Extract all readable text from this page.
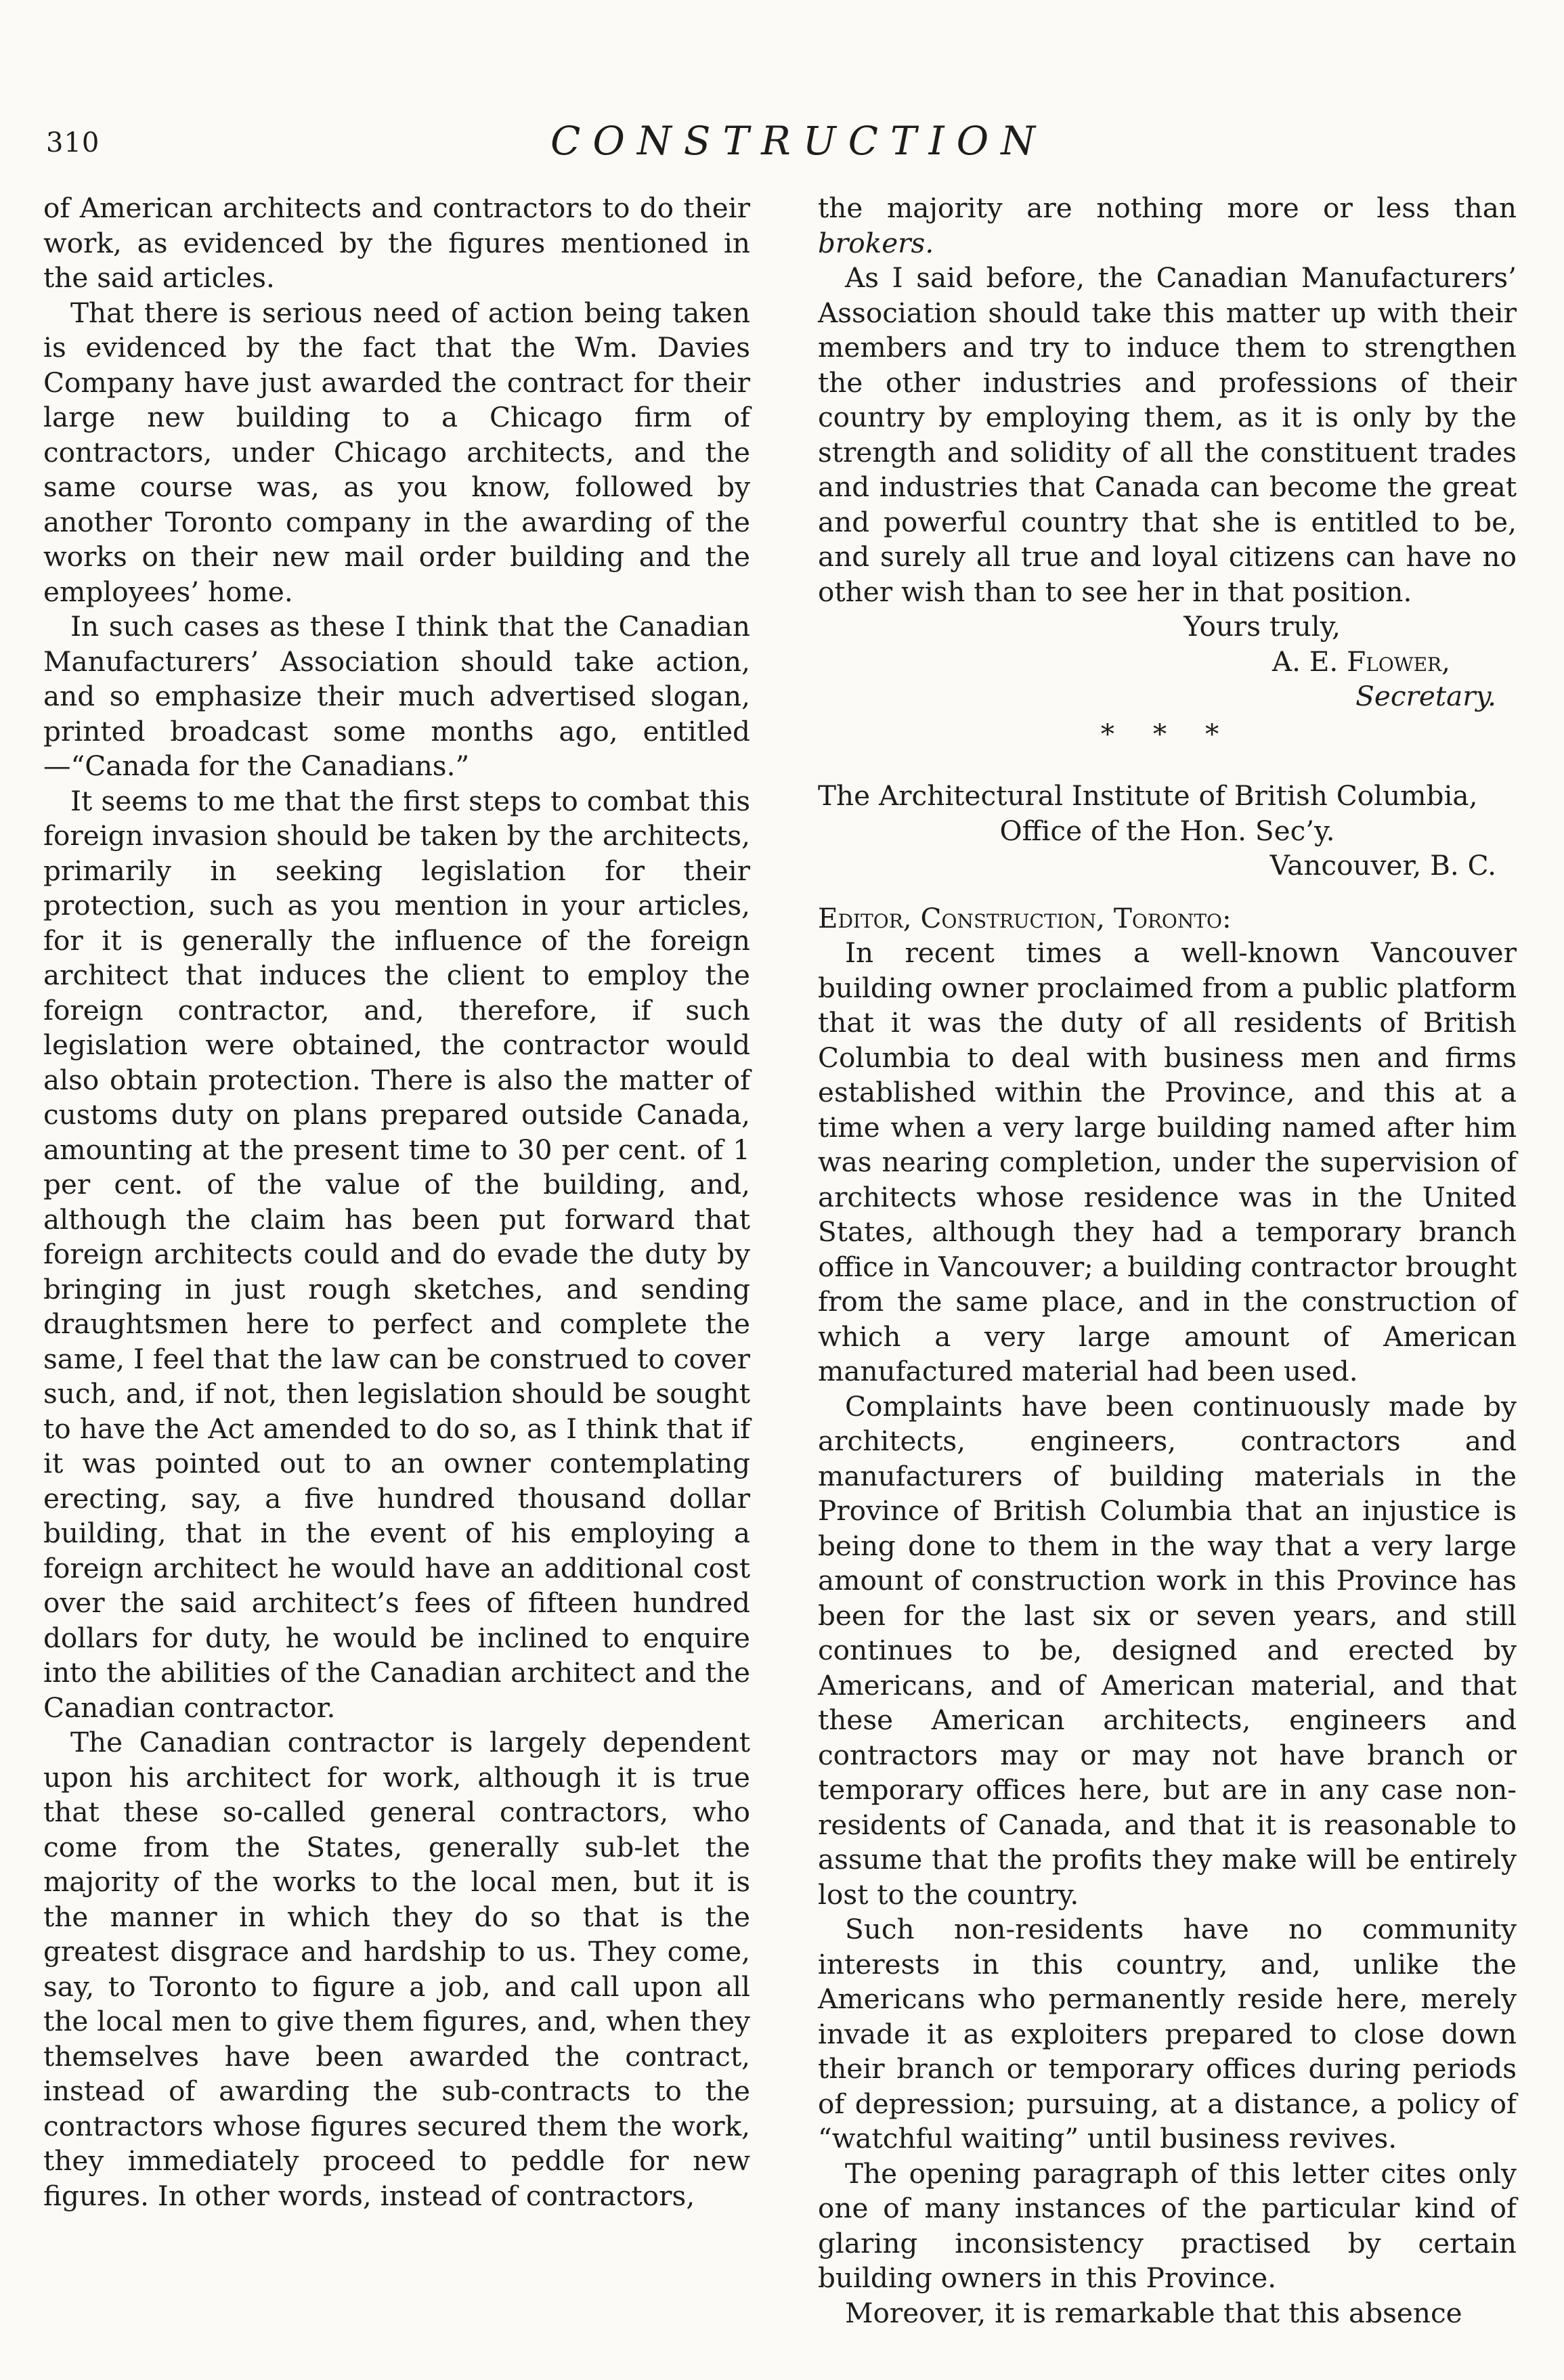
310	CONSTRUCTION

of American architects and contractors to do their work, as evidenced by the figures mentioned in the said articles.

That there is serious need of action being taken is evidenced by the fact that the Wm. Davies Company have just awarded the contract for their large new building to a Chicago firm of contractors, under Chicago architects, and the same course was, as you know, followed by another Toronto company in the awarding of the works on their new mail order building and the employees’ home.

In such cases as these I think that the Canadian Manufacturers’ Association should take action, and so emphasize their much advertised slogan, printed broadcast some months ago, entitled—“Canada for the Canadians.”

It seems to me that the first steps to combat this foreign invasion should be taken by the architects, primarily in seeking legislation for their protection, such as you mention in your articles, for it is generally the influence of the foreign architect that induces the client to employ the foreign contractor, and, therefore, if such legislation were obtained, the contractor would also obtain protection. There is also the matter of customs duty on plans prepared outside Canada, amounting at the present time to 30 per cent. of 1 per cent. of the value of the building, and, although the claim has been put forward that foreign architects could and do evade the duty by bringing in just rough sketches, and sending draughtsmen here to perfect and complete the same, I feel that the law can be construed to cover such, and, if not, then legislation should be sought to have the Act amended to do so, as I think that if it was pointed out to an owner contemplating erecting, say, a five hundred thousand dollar building, that in the event of his employing a foreign architect he would have an additional cost over the said architect’s fees of fifteen hundred dollars for duty, he would be inclined to enquire into the abilities of the Canadian architect and the Canadian contractor.

The Canadian contractor is largely dependent upon his architect for work, although it is true that these so-called general contractors, who come from the States, generally sub-let the majority of the works to the local men, but it is the manner in which they do so that is the greatest disgrace and hardship to us. They come, say, to Toronto to figure a job, and call upon all the local men to give them figures, and, when they themselves have been awarded the contract, instead of awarding the sub-contracts to the contractors whose figures secured them the work, they immediately proceed to peddle for new figures. In other words, instead of contractors,

the majority are nothing more or less than brokers.

As I said before, the Canadian Manufacturers’ Association should take this matter up with their members and try to induce them to strengthen the other industries and professions of their country by employing them, as it is only by the strength and solidity of all the constituent trades and industries that Canada can become the great and powerful country that she is entitled to be, and surely all true and loyal citizens can have no other wish than to see her in that position.

Yours truly,

A. E. Flower,

Secretary.

* * *

The Architectural Institute of British Columbia,

Office of the Hon. Sec’y.

Vancouver, B. C.

Editor, Construction, Toronto:

In recent times a well-known Vancouver building owner proclaimed from a public platform that it was the duty of all residents of British Columbia to deal with business men and firms established within the Province, and this at a time when a very large building named after him was nearing completion, under the supervision of architects whose residence was in the United States, although they had a temporary branch office in Vancouver; a building contractor brought from the same place, and in the construction of which a very large amount of American manufactured material had been used.

Complaints have been continuously made by architects, engineers, contractors and manufacturers of building materials in the Province of British Columbia that an injustice is being done to them in the way that a very large amount of construction work in this Province has been for the last six or seven years, and still continues to be, designed and erected by Americans, and of American material, and that these American architects, engineers and contractors may or may not have branch or temporary offices here, but are in any case non-residents of Canada, and that it is reasonable to assume that the profits they make will be entirely lost to the country.

Such non-residents have no community interests in this country, and, unlike the Americans who permanently reside here, merely invade it as exploiters prepared to close down their branch or temporary offices during periods of depression; pursuing, at a distance, a policy of “watchful waiting” until business revives.

The opening paragraph of this letter cites only one of many instances of the particular kind of glaring inconsistency practised by certain building owners in this Province.

Moreover, it is remarkable that this absence
